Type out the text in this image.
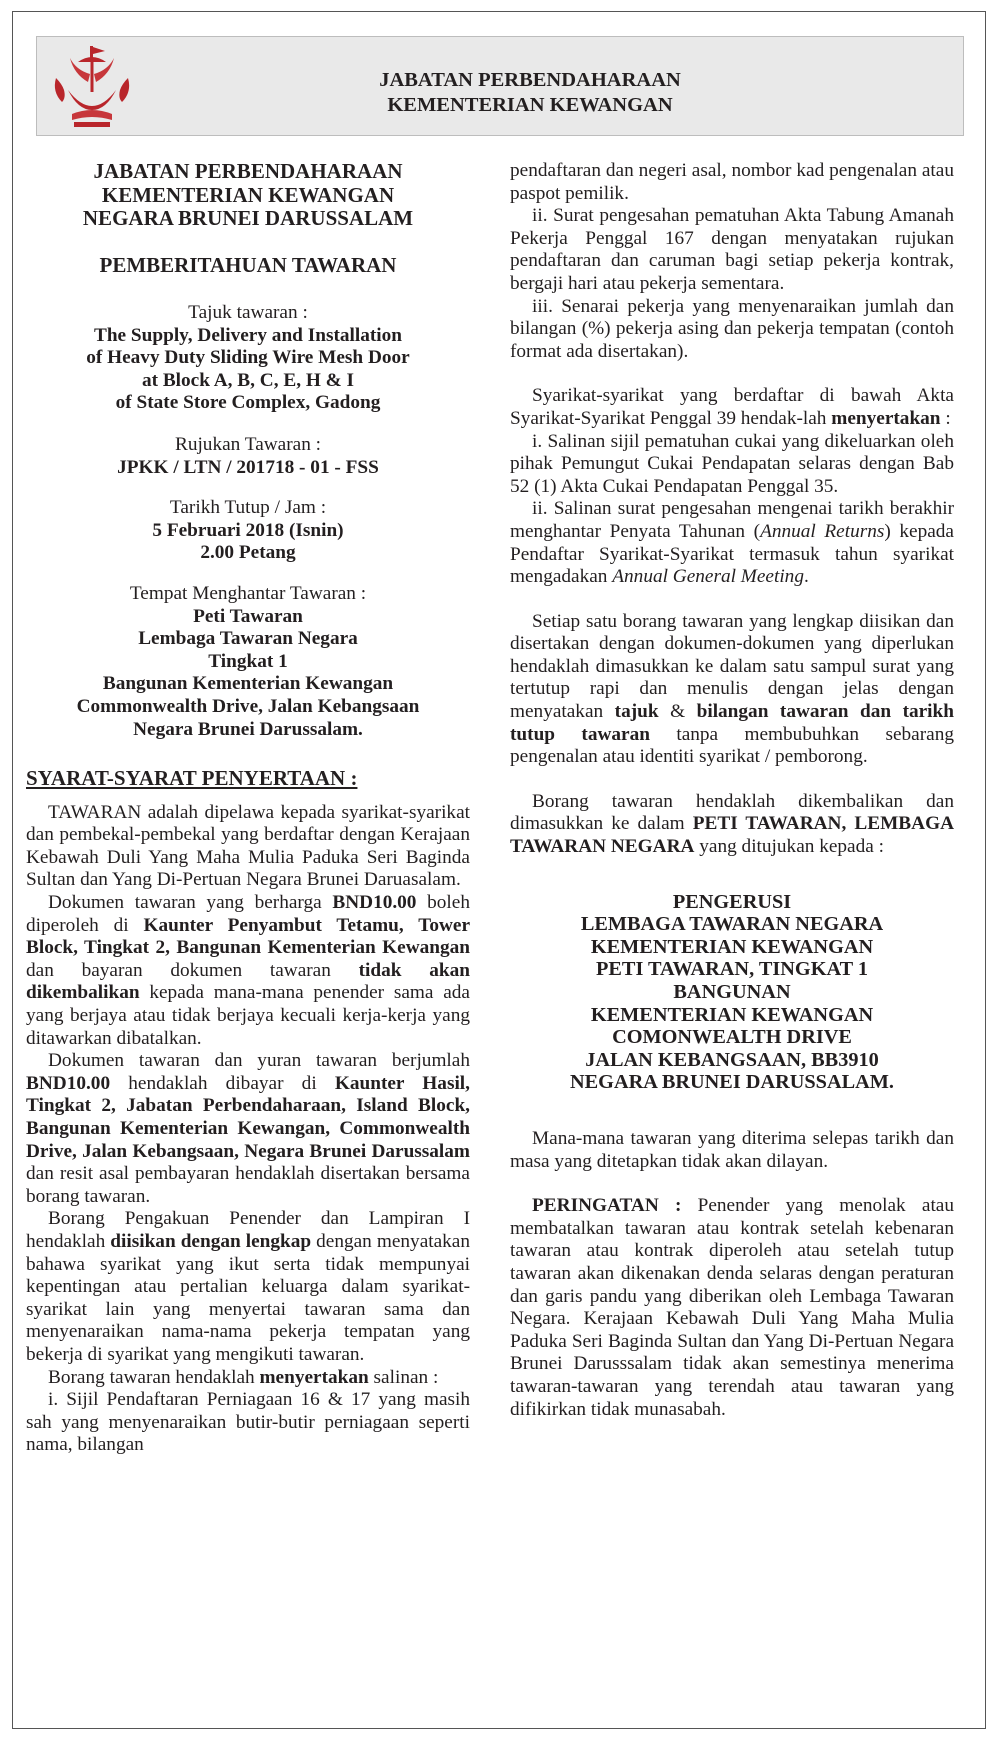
JABATAN PERBENDAHARAAN
KEMENTERIAN KEWANGAN
JABATAN PERBENDAHARAAN
KEMENTERIAN KEWANGAN
NEGARA BRUNEI DARUSSALAM
PEMBERITAHUAN TAWARAN
Tajuk tawaran :
The Supply, Delivery and Installation
of Heavy Duty Sliding Wire Mesh Door
at Block A, B, C, E, H & I
of State Store Complex, Gadong
Rujukan Tawaran :
JPKK / LTN / 201718 - 01 - FSS
Tarikh Tutup / Jam :
5 Februari 2018 (Isnin)
2.00 Petang
Tempat Menghantar Tawaran :
Peti Tawaran
Lembaga Tawaran Negara
Tingkat 1
Bangunan Kementerian Kewangan
Commonwealth Drive, Jalan Kebangsaan
Negara Brunei Darussalam.
SYARAT-SYARAT PENYERTAAN :

TAWARAN adalah dipelawa kepada syarikat-syarikat dan pembekal-pembekal yang berdaftar dengan Kerajaan Kebawah Duli Yang Maha Mulia Paduka Seri Baginda Sultan dan Yang Di-Pertuan Negara Brunei Daruasalam.

Dokumen tawaran yang berharga BND10.00 boleh diperoleh di Kaunter Penyambut Tetamu, Tower Block, Tingkat 2, Bangunan Kementerian Kewangan dan bayaran dokumen tawaran tidak akan dikembalikan kepada mana-mana penender sama ada yang berjaya atau tidak berjaya kecuali kerja-kerja yang ditawarkan dibatalkan.

Dokumen tawaran dan yuran tawaran berjumlah BND10.00 hendaklah dibayar di Kaunter Hasil, Tingkat 2, Jabatan Perbendaharaan, Island Block, Bangunan Kementerian Kewangan, Commonwealth Drive, Jalan Kebangsaan, Negara Brunei Darussalam dan resit asal pembayaran hendaklah disertakan bersama borang tawaran.

Borang Pengakuan Penender dan Lampiran I hendaklah diisikan dengan lengkap dengan menyatakan bahawa syarikat yang ikut serta tidak mempunyai kepentingan atau pertalian keluarga dalam syarikat-syarikat lain yang menyertai tawaran sama dan menyenaraikan nama-nama pekerja tempatan yang bekerja di syarikat yang mengikuti tawaran.

Borang tawaran hendaklah menyertakan salinan :

i. Sijil Pendaftaran Perniagaan 16 & 17 yang masih sah yang menyenaraikan butir-butir perniagaan seperti nama, bilangan

pendaftaran dan negeri asal, nombor kad pengenalan atau paspot pemilik.

ii. Surat pengesahan pematuhan Akta Tabung Amanah Pekerja Penggal 167 dengan menyatakan rujukan pendaftaran dan caruman bagi setiap pekerja kontrak, bergaji hari atau pekerja sementara.

iii. Senarai pekerja yang menyenaraikan jumlah dan bilangan (%) pekerja asing dan pekerja tempatan (contoh format ada disertakan).

Syarikat-syarikat yang berdaftar di bawah Akta Syarikat-Syarikat Penggal 39 hendak-lah menyertakan :

i. Salinan sijil pematuhan cukai yang dikeluarkan oleh pihak Pemungut Cukai Pendapatan selaras dengan Bab 52 (1) Akta Cukai Pendapatan Penggal 35.

ii. Salinan surat pengesahan mengenai tarikh berakhir menghantar Penyata Tahunan (Annual Returns) kepada Pendaftar Syarikat-Syarikat termasuk tahun syarikat mengadakan Annual General Meeting.

Setiap satu borang tawaran yang lengkap diisikan dan disertakan dengan dokumen-dokumen yang diperlukan hendaklah dimasukkan ke dalam satu sampul surat yang tertutup rapi dan menulis dengan jelas dengan menyatakan tajuk & bilangan tawaran dan tarikh tutup tawaran tanpa membubuhkan sebarang pengenalan atau identiti syarikat / pemborong.

Borang tawaran hendaklah dikembalikan dan dimasukkan ke dalam PETI TAWARAN, LEMBAGA TAWARAN NEGARA yang ditujukan kepada :

PENGERUSI
LEMBAGA TAWARAN NEGARA
KEMENTERIAN KEWANGAN
PETI TAWARAN, TINGKAT 1
BANGUNAN
KEMENTERIAN KEWANGAN
COMONWEALTH DRIVE
JALAN KEBANGSAAN, BB3910
NEGARA BRUNEI DARUSSALAM.

Mana-mana tawaran yang diterima selepas tarikh dan masa yang ditetapkan tidak akan dilayan.

PERINGATAN : Penender yang menolak atau membatalkan tawaran atau kontrak setelah kebenaran tawaran atau kontrak diperoleh atau setelah tutup tawaran akan dikenakan denda selaras dengan peraturan dan garis pandu yang diberikan oleh Lembaga Tawaran Negara. Kerajaan Kebawah Duli Yang Maha Mulia Paduka Seri Baginda Sultan dan Yang Di-Pertuan Negara Brunei Darusssalam tidak akan semestinya menerima tawaran-tawaran yang terendah atau tawaran yang difikirkan tidak munasabah.
